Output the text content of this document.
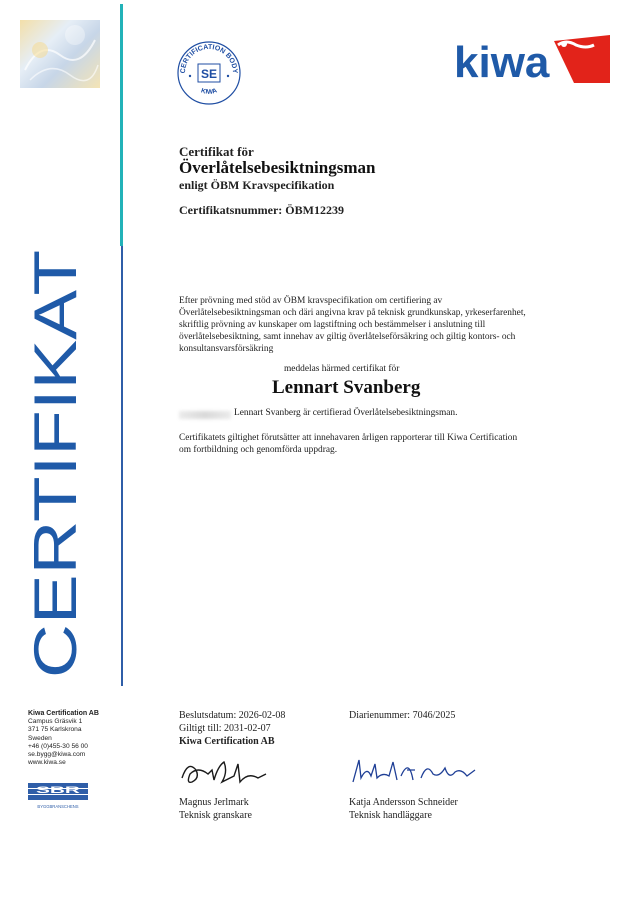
CERTIFICATION BODY
KIWA
SE	kiwa
CERTIFIKAT
Certifikat för
Överlåtelsebesiktningsman
enligt ÖBM Kravspecifikation
Certifikatsnummer: ÖBM12239
Efter prövning med stöd av ÖBM kravspecifikation om certifiering av Överlåtelsebesiktningsman och däri angivna krav på teknisk grundkunskap, yrkeserfarenhet, skriftlig prövning av kunskaper om lagstiftning och bestämmelser i anslutning till överlåtelsebesiktning, samt innehav av giltig överlåtelseförsäkring och giltig kontors- och konsultansvarsförsäkring
meddelas härmed certifikat för
Lennart Svanberg
Lennart Svanberg är certifierad Överlåtelsebesiktningsman.
Certifikatets giltighet förutsätter att innehavaren årligen rapporterar till Kiwa Certification om fortbildning och genomförda uppdrag.
Kiwa Certification AB
Campus Gräsvik 1
371 75 Karlskrona
Sweden
+46 (0)455-30 56 00
se.bygg@kiwa.com
www.kiwa.se
SBR
BYGGBRANSCHENS
Beslutsdatum: 2026-02-08
Giltigt till: 2031-02-07
Kiwa Certification AB
Diarienummer: 7046/2025
Magnus Jerlmark
Teknisk granskare
Katja Andersson Schneider
Teknisk handläggare
